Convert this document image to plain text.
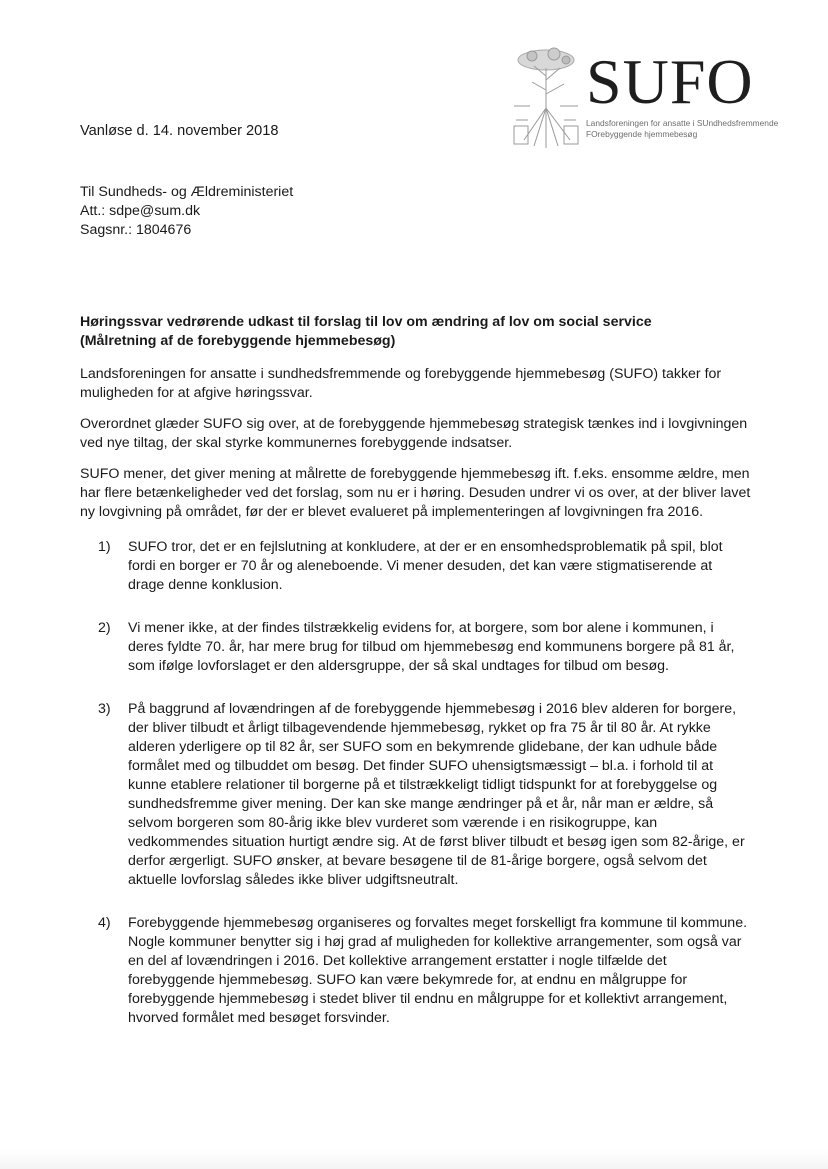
SUFO
Landsforeningen for ansatte i SUndhedsfremmende
FOrebyggende hjemmebesøg
Vanløse d. 14. november 2018
Til Sundheds- og Ældreministeriet
Att.: sdpe@sum.dk
Sagsnr.: 1804676
Høringssvar vedrørende udkast til forslag til lov om ændring af lov om social service
(Målretning af de forebyggende hjemmebesøg)

Landsforeningen for ansatte i sundhedsfremmende og forebyggende hjemmebesøg (SUFO) takker for muligheden for at afgive høringssvar.

Overordnet glæder SUFO sig over, at de forebyggende hjemmebesøg strategisk tænkes ind i lovgivningen ved nye tiltag, der skal styrke kommunernes forebyggende indsatser.

SUFO mener, det giver mening at målrette de forebyggende hjemmebesøg ift. f.eks. ensomme ældre, men har flere betænkeligheder ved det forslag, som nu er i høring. Desuden undrer vi os over, at der bliver lavet ny lovgivning på området, før der er blevet evalueret på implementeringen af lovgivningen fra 2016.

1) SUFO tror, det er en fejlslutning at konkludere, at der er en ensomhedsproblematik på spil, blot fordi en borger er 70 år og aleneboende. Vi mener desuden, det kan være stigmatiserende at drage denne konklusion.
2) Vi mener ikke, at der findes tilstrækkelig evidens for, at borgere, som bor alene i kommunen, i deres fyldte 70. år, har mere brug for tilbud om hjemmebesøg end kommunens borgere på 81 år, som ifølge lovforslaget er den aldersgruppe, der så skal undtages for tilbud om besøg.
3) På baggrund af lovændringen af de forebyggende hjemmebesøg i 2016 blev alderen for borgere, der bliver tilbudt et årligt tilbagevendende hjemmebesøg, rykket op fra 75 år til 80 år. At rykke alderen yderligere op til 82 år, ser SUFO som en bekymrende glidebane, der kan udhule både formålet med og tilbuddet om besøg. Det finder SUFO uhensigtsmæssigt – bl.a. i forhold til at kunne etablere relationer til borgerne på et tilstrækkeligt tidligt tidspunkt for at forebyggelse og sundhedsfremme giver mening. Der kan ske mange ændringer på et år, når man er ældre, så selvom borgeren som 80-årig ikke blev vurderet som værende i en risikogruppe, kan vedkommendes situation hurtigt ændre sig. At de først bliver tilbudt et besøg igen som 82-årige, er derfor ærgerligt. SUFO ønsker, at bevare besøgene til de 81-årige borgere, også selvom det aktuelle lovforslag således ikke bliver udgiftsneutralt.
4) Forebyggende hjemmebesøg organiseres og forvaltes meget forskelligt fra kommune til kommune. Nogle kommuner benytter sig i høj grad af muligheden for kollektive arrangementer, som også var en del af lovændringen i 2016. Det kollektive arrangement erstatter i nogle tilfælde det forebyggende hjemmebesøg. SUFO kan være bekymrede for, at endnu en målgruppe for forebyggende hjemmebesøg i stedet bliver til endnu en målgruppe for et kollektivt arrangement, hvorved formålet med besøget forsvinder.
